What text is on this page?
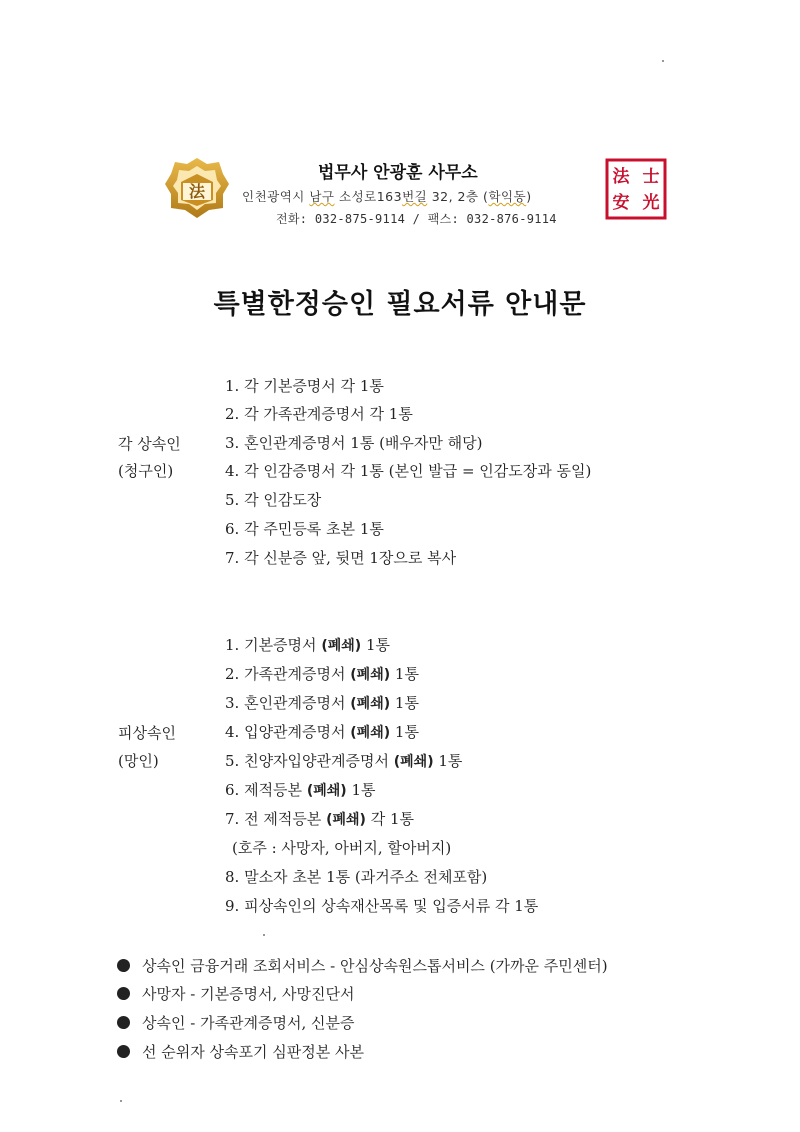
法
법무사 안광훈 사무소
인천광역시 남구 소성로163번길 32, 2층 (학익동)
전화: 032-875-9114 / 팩스: 032-876-9114
法 士
安 光
특별한정승인 필요서류 안내문
각 상속인
(청구인)
1. 각 기본증명서 각 1통
2. 각 가족관계증명서 각 1통
3. 혼인관계증명서 1통 (배우자만 해당)
4. 각 인감증명서 각 1통 (본인 발급 = 인감도장과 동일)
5. 각 인감도장
6. 각 주민등록 초본 1통
7. 각 신분증 앞, 뒷면 1장으로 복사
피상속인
(망인)
1. 기본증명서 (폐쇄) 1통
2. 가족관계증명서 (폐쇄) 1통
3. 혼인관계증명서 (폐쇄) 1통
4. 입양관계증명서 (폐쇄) 1통
5. 친양자입양관계증명서 (폐쇄) 1통
6. 제적등본 (폐쇄) 1통
7. 전 제적등본 (폐쇄) 각 1통
(호주 : 사망자, 아버지, 할아버지)
8. 말소자 초본 1통 (과거주소 전체포함)
9. 피상속인의 상속재산목록 및 입증서류 각 1통
상속인 금융거래 조회서비스 - 안심상속원스톱서비스 (가까운 주민센터)
사망자 - 기본증명서, 사망진단서
상속인 - 가족관계증명서, 신분증
선 순위자 상속포기 심판정본 사본
